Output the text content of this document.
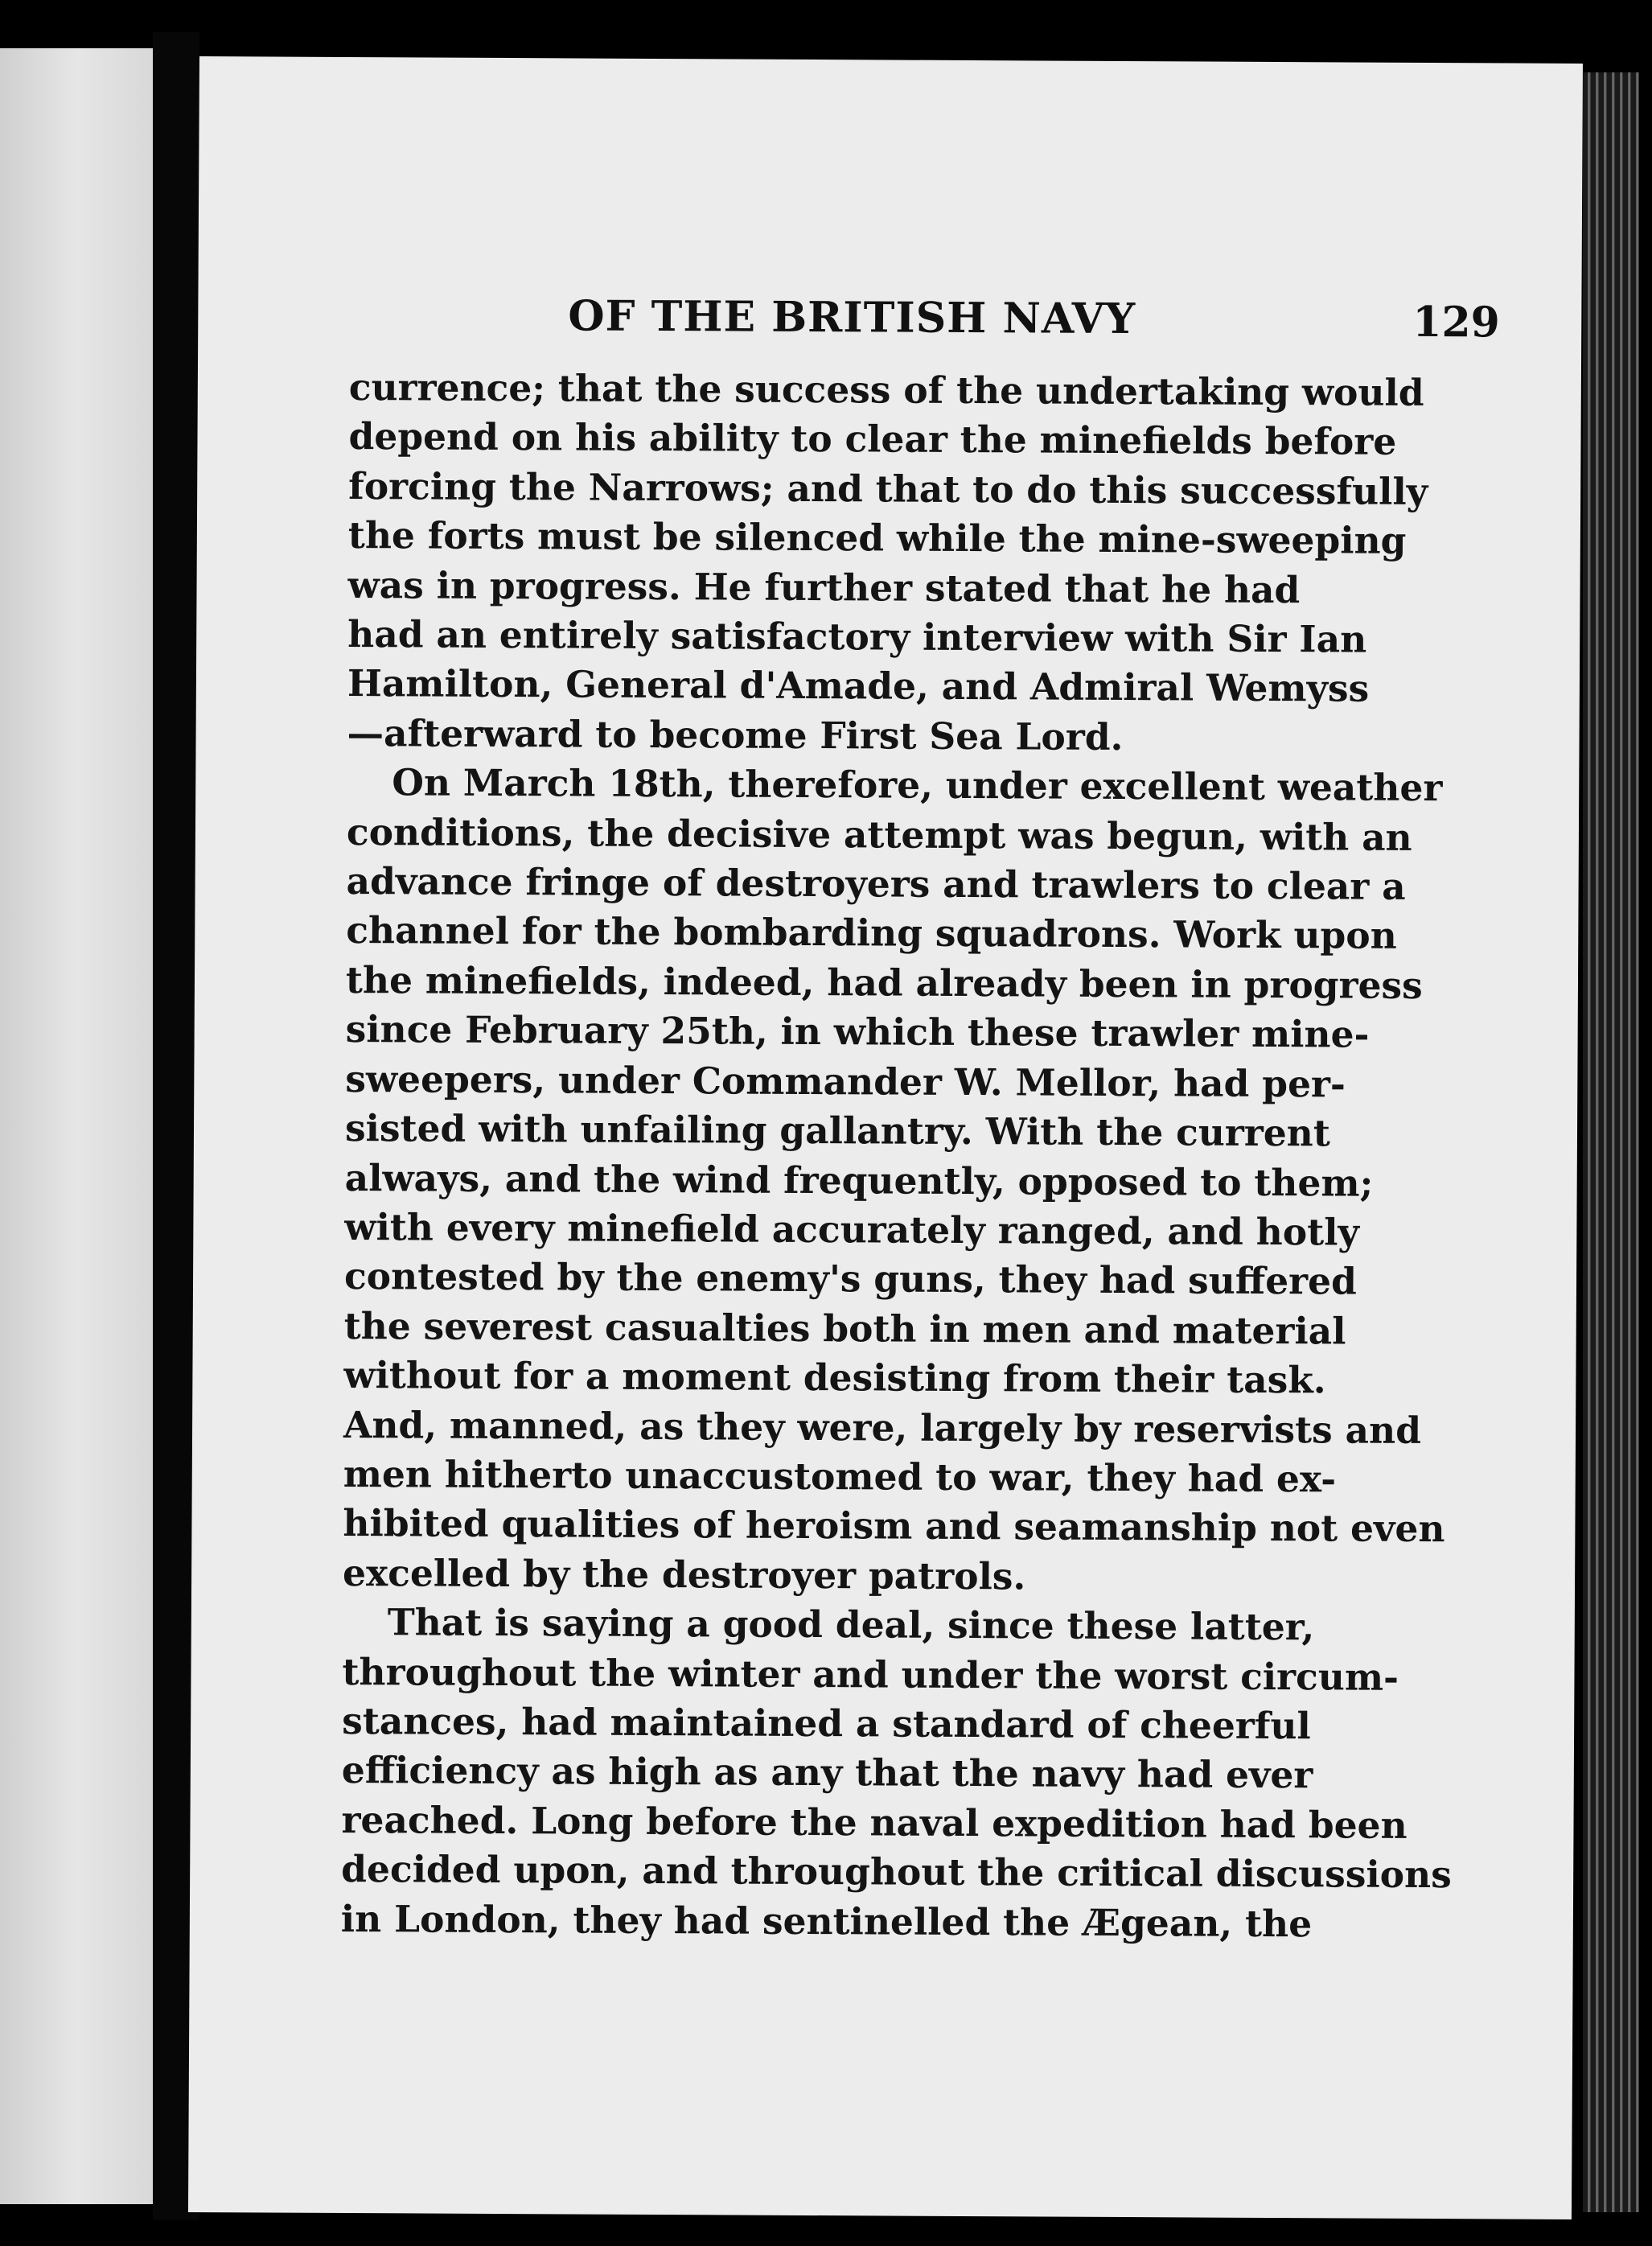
OF THE BRITISH NAVY	129
currence; that the success of the undertaking would
depend on his ability to clear the minefields before
forcing the Narrows; and that to do this successfully
the forts must be silenced while the mine-sweeping
was in progress. He further stated that he had
had an entirely satisfactory interview with Sir Ian
Hamilton, General d'Amade, and Admiral Wemyss
—afterward to become First Sea Lord.
On March 18th, therefore, under excellent weather
conditions, the decisive attempt was begun, with an
advance fringe of destroyers and trawlers to clear a
channel for the bombarding squadrons. Work upon
the minefields, indeed, had already been in progress
since February 25th, in which these trawler mine-
sweepers, under Commander W. Mellor, had per-
sisted with unfailing gallantry. With the current
always, and the wind frequently, opposed to them;
with every minefield accurately ranged, and hotly
contested by the enemy's guns, they had suffered
the severest casualties both in men and material
without for a moment desisting from their task.
And, manned, as they were, largely by reservists and
men hitherto unaccustomed to war, they had ex-
hibited qualities of heroism and seamanship not even
excelled by the destroyer patrols.
That is saying a good deal, since these latter,
throughout the winter and under the worst circum-
stances, had maintained a standard of cheerful
efficiency as high as any that the navy had ever
reached. Long before the naval expedition had been
decided upon, and throughout the critical discussions
in London, they had sentinelled the Ægean, the
